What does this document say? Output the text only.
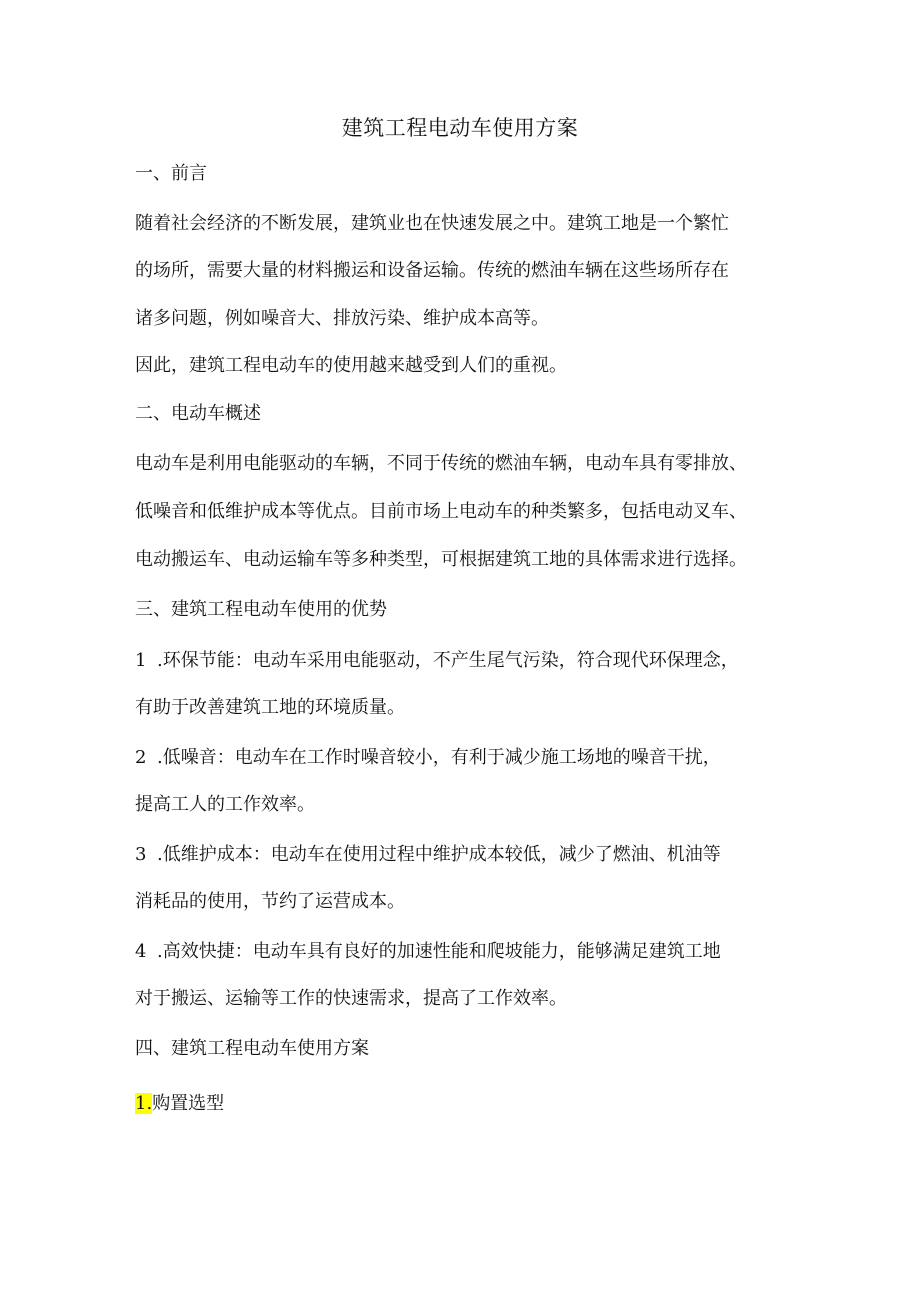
建筑工程电动车使用方案

一、前言

随着社会经济的不断发展，建筑业也在快速发展之中。建筑工地是一个繁忙

的场所，需要大量的材料搬运和设备运输。传统的燃油车辆在这些场所存在

诸多问题，例如噪音大、排放污染、维护成本高等。

因此，建筑工程电动车的使用越来越受到人们的重视。

二、电动车概述

电动车是利用电能驱动的车辆，不同于传统的燃油车辆，电动车具有零排放、

低噪音和低维护成本等优点。目前市场上电动车的种类繁多，包括电动叉车、

电动搬运车、电动运输车等多种类型，可根据建筑工地的具体需求进行选择。

三、建筑工程电动车使用的优势

1 .环保节能：电动车采用电能驱动，不产生尾气污染，符合现代环保理念，

有助于改善建筑工地的环境质量。

2 .低噪音：电动车在工作时噪音较小，有利于减少施工场地的噪音干扰，

提高工人的工作效率。

3 .低维护成本：电动车在使用过程中维护成本较低，减少了燃油、机油等

消耗品的使用，节约了运营成本。

4 .高效快捷：电动车具有良好的加速性能和爬坡能力，能够满足建筑工地

对于搬运、运输等工作的快速需求，提高了工作效率。

四、建筑工程电动车使用方案

1.购置选型
